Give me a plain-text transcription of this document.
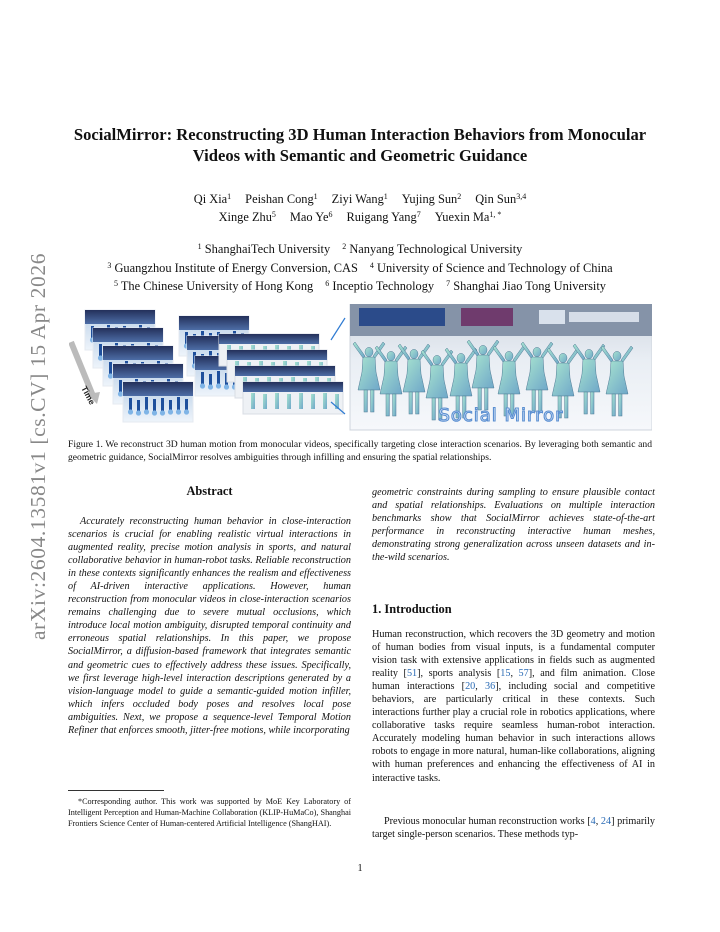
arXiv:2604.13581v1 [cs.CV] 15 Apr 2026
SocialMirror: Reconstructing 3D Human Interaction Behaviors from Monocular
Videos with Semantic and Geometric Guidance
Qi Xia$^1$ Peishan Cong$^1$ Ziyi Wang$^1$ Yujing Sun$^2$ Qin Sun$^{3,4}$
Xinge Zhu$^5$ Mao Ye$^6$ Ruigang Yang$^7$ Yuexin $Ma^{1, *}$
$^1$ ShanghaiTech University $^2$ Nanyang Technological University
$^3$ Guangzhou Institute of Energy Conversion, CAS $^4$ University of Science and Technology of China
$^5$ The Chinese University of Hong Kong $^6$ Inceptio Technology $^7$ Shanghai Jiao Tong University
Time
Social Mirror
Figure 1. We reconstruct 3D human motion from monocular videos, specifically targeting close interaction scenarios. By leveraging both semantic and geometric guidance, SocialMirror resolves ambiguities through infilling and ensuring the spatial relationships.
Abstract
Accurately reconstructing human behavior in close-interaction scenarios is crucial for enabling realistic virtual interactions in augmented reality, precise motion analysis in sports, and natural collaborative behavior in human-robot tasks. Reliable reconstruction in these contexts significantly enhances the realism and effectiveness of AI-driven interactive applications. However, human reconstruction from monocular videos in close-interaction scenarios remains challenging due to severe mutual occlusions, which introduce local motion ambiguity, disrupted temporal continuity and erroneous spatial relationships. In this paper, we propose SocialMirror, a diffusion-based framework that integrates semantic and geometric cues to effectively address these issues. Specifically, we first leverage high-level interaction descriptions generated by a vision-language model to guide a semantic-guided motion infiller, which infers occluded body poses and resolves local pose ambiguities. Next, we propose a sequence-level Temporal Motion Refiner that enforces smooth, jitter-free motions, while incorporating
*Corresponding author. This work was supported by MoE Key Laboratory of Intelligent Perception and Human-Machine Collaboration (KLIP-HuMaCo), Shanghai Frontiers Science Center of Human-centered Artificial Intelligence (ShangHAI).
geometric constraints during sampling to ensure plausible contact and spatial relationships. Evaluations on multiple interaction benchmarks show that SocialMirror achieves state-of-the-art performance in reconstructing interactive human meshes, demonstrating strong generalization across unseen datasets and in-the-wild scenarios.
1. Introduction
Human reconstruction, which recovers the 3D geometry and motion of human bodies from visual inputs, is a fundamental computer vision task with extensive applications in fields such as augmented reality [51], sports analysis [15, 57], and film animation. Close human interactions [20, 36], including social and competitive behaviors, are particularly critical in these contexts. Such interactions further play a crucial role in robotics applications, where collaborative tasks require seamless human-robot interaction. Accurately modeling human behavior in such interactions allows robots to engage in more natural, human-like collaborations, aligning with human preferences and enhancing the effectiveness of AI in interactive tasks.
Previous monocular human reconstruction works [4, 24] primarily target single-person scenarios. These methods typ-
1
